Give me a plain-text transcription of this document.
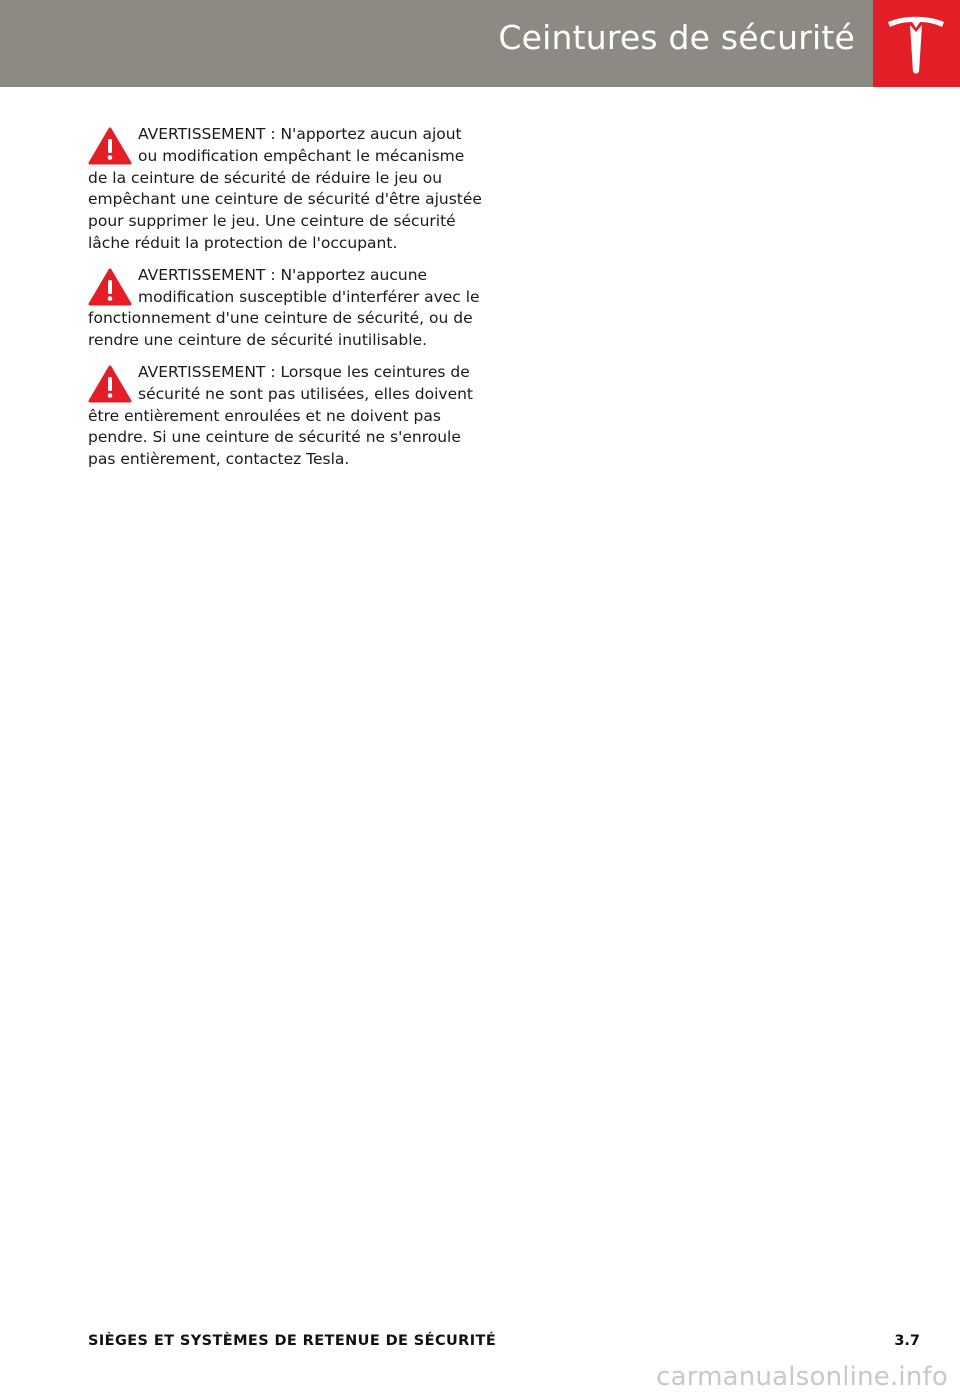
Ceintures de sécurité
AVERTISSEMENT : N'apportez aucun ajout ou modification empêchant le mécanisme de la ceinture de sécurité de réduire le jeu ou empêchant une ceinture de sécurité d'être ajustée pour supprimer le jeu. Une ceinture de sécurité lâche réduit la protection de l'occupant.
AVERTISSEMENT : N'apportez aucune modification susceptible d'interférer avec le fonctionnement d'une ceinture de sécurité, ou de rendre une ceinture de sécurité inutilisable.
AVERTISSEMENT : Lorsque les ceintures de sécurité ne sont pas utilisées, elles doivent être entièrement enroulées et ne doivent pas pendre. Si une ceinture de sécurité ne s'enroule pas entièrement, contactez Tesla.
SIÈGES ET SYSTÈMES DE RETENUE DE SÉCURITÉ	3.7
carmanualsonline.info
